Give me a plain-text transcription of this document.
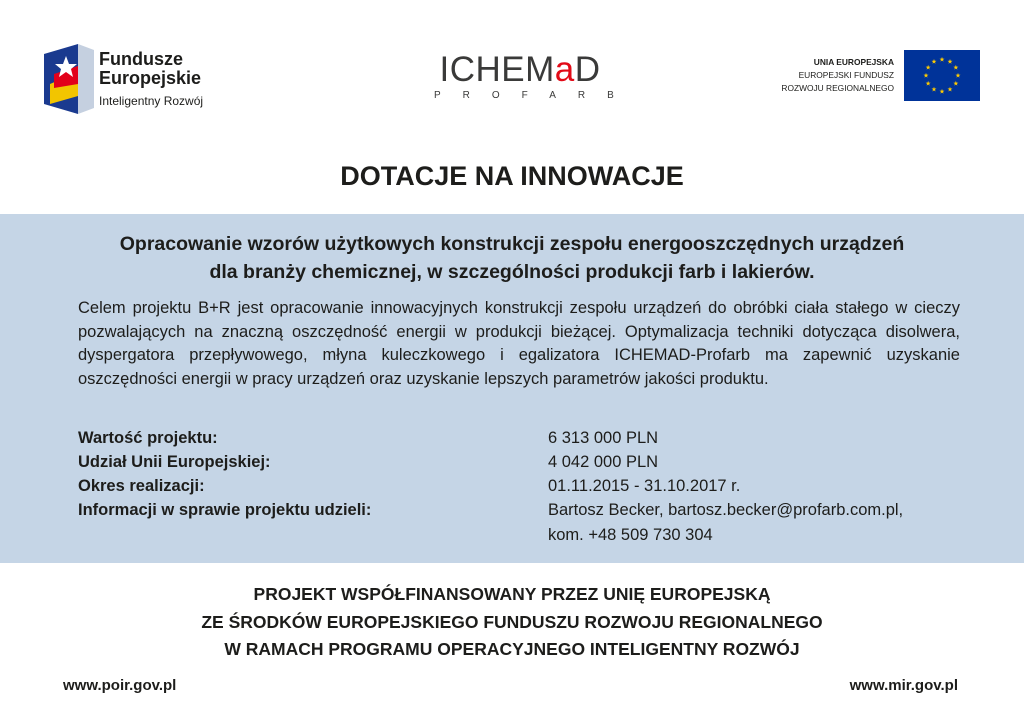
Fundusze
Europejskie
Inteligentny Rozwój
ICHEMaD
PROFARB
UNIA EUROPEJSKA
EUROPEJSKI FUNDUSZ
ROZWOJU REGIONALNEGO
DOTACJE NA INNOWACJE
Opracowanie wzorów użytkowych konstrukcji zespołu energooszczędnych urządzeń
dla branży chemicznej, w szczególności produkcji farb i lakierów.
Celem projektu B+R jest opracowanie innowacyjnych konstrukcji zespołu urządzeń do obróbki ciała stałego w cieczy pozwalających na znaczną oszczędność energii w produkcji bieżącej. Optymalizacja techniki dotycząca disolwera, dyspergatora przepływowego, młyna kuleczkowego i egalizatora ICHEMAD-Profarb ma zapewnić uzyskanie oszczędności energii w pracy urządzeń oraz uzyskanie lepszych parametrów jakości produktu.
Wartość projektu:	6 313 000 PLN
Udział Unii Europejskiej:	4 042 000 PLN
Okres realizacji:	01.11.2015 - 31.10.2017 r.
Informacji w sprawie projektu udzieli:	Bartosz Becker, bartosz.becker@profarb.com.pl,
kom. +48 509 730 304
PROJEKT WSPÓŁFINANSOWANY PRZEZ UNIĘ EUROPEJSKĄ
ZE ŚRODKÓW EUROPEJSKIEGO FUNDUSZU ROZWOJU REGIONALNEGO
W RAMACH PROGRAMU OPERACYJNEGO INTELIGENTNY ROZWÓJ
www.poir.gov.pl	www.mir.gov.pl
